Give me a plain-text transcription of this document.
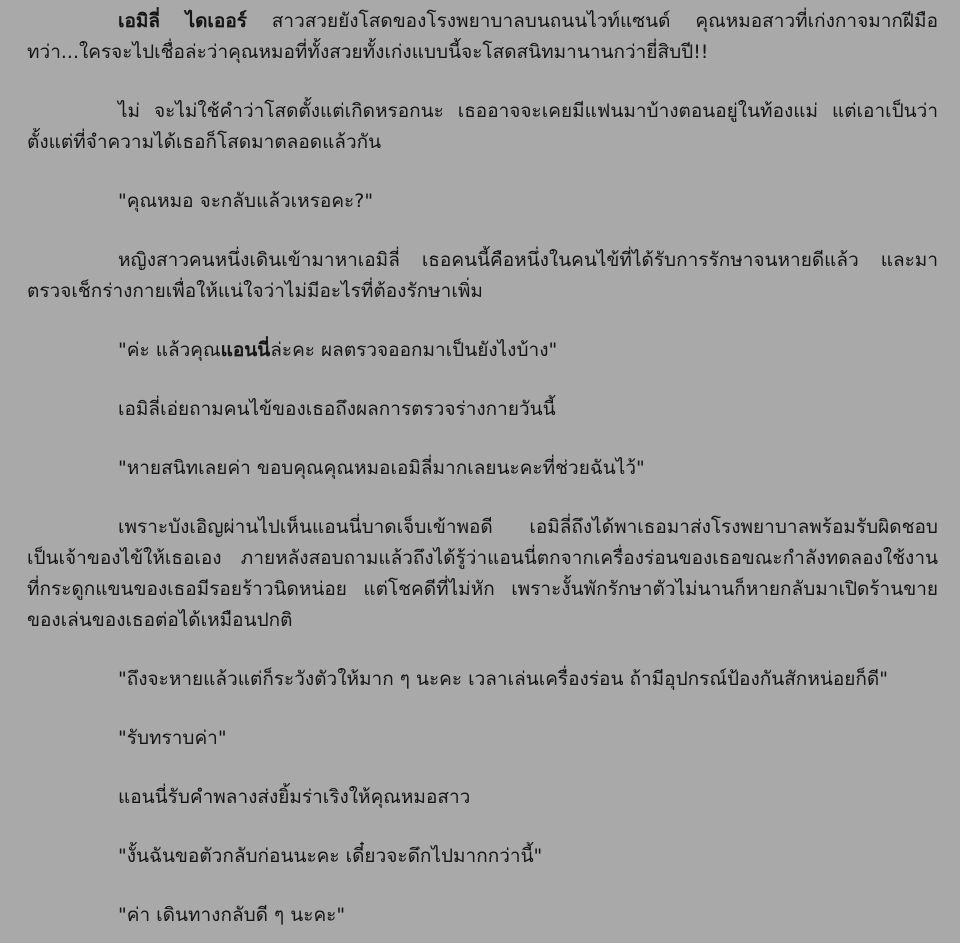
เอมิลี่ ไดเออร์ สาวสวยยังโสดของโรงพยาบาลบนถนนไวท์แซนด์ คุณหมอสาวที่เก่งกาจมากฝีมือ ทว่า...ใครจะไปเชื่อล่ะว่าคุณหมอที่ทั้งสวยทั้งเก่งแบบนี้จะโสดสนิทมานานกว่ายี่สิบปี!!

ไม่ จะไม่ใช้คำว่าโสดตั้งแต่เกิดหรอกนะ เธออาจจะเคยมีแฟนมาบ้างตอนอยู่ในท้องแม่ แต่เอาเป็นว่าตั้งแต่ที่จำความได้เธอก็โสดมาตลอดแล้วกัน

"คุณหมอ จะกลับแล้วเหรอคะ?"

หญิงสาวคนหนึ่งเดินเข้ามาหาเอมิลี่ เธอคนนี้คือหนึ่งในคนไข้ที่ได้รับการรักษาจนหายดีแล้ว และมาตรวจเช็กร่างกายเพื่อให้แน่ใจว่าไม่มีอะไรที่ต้องรักษาเพิ่ม

"ค่ะ แล้วคุณแอนนี่ล่ะคะ ผลตรวจออกมาเป็นยังไงบ้าง"

เอมิลี่เอ่ยถามคนไข้ของเธอถึงผลการตรวจร่างกายวันนี้

"หายสนิทเลยค่า ขอบคุณคุณหมอเอมิลี่มากเลยนะคะที่ช่วยฉันไว้"

เพราะบังเอิญผ่านไปเห็นแอนนี่บาดเจ็บเข้าพอดี เอมิลี่ถึงได้พาเธอมาส่งโรงพยาบาลพร้อมรับผิดชอบเป็นเจ้าของไข้ให้เธอเอง ภายหลังสอบถามแล้วถึงได้รู้ว่าแอนนี่ตกจากเครื่องร่อนของเธอขณะกำลังทดลองใช้งาน ที่กระดูกแขนของเธอมีรอยร้าวนิดหน่อย แต่โชคดีที่ไม่หัก เพราะงั้นพักรักษาตัวไม่นานก็หายกลับมาเปิดร้านขายของเล่นของเธอต่อได้เหมือนปกติ

"ถึงจะหายแล้วแต่ก็ระวังตัวให้มาก ๆ นะคะ เวลาเล่นเครื่องร่อน ถ้ามีอุปกรณ์ป้องกันสักหน่อยก็ดี"

"รับทราบค่า"

แอนนี่รับคำพลางส่งยิ้มร่าเริงให้คุณหมอสาว

"งั้นฉันขอตัวกลับก่อนนะคะ เดี๋ยวจะดึกไปมากกว่านี้"

"ค่า เดินทางกลับดี ๆ นะคะ"
